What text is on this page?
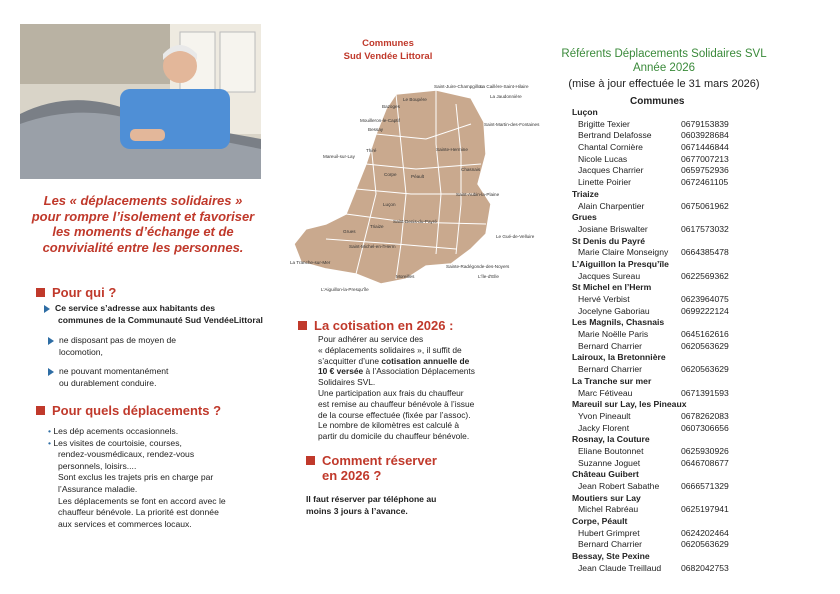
Les « déplacements solidaires » pour rompre l’isolement et favoriser les moments d’échange et de convivialité entre les personnes.
Pour qui ?
Ce service s’adresse aux habitants des
communes de la Communauté Sud VendéeLittoral
ne disposant pas de moyen de
locomotion,
ne pouvant momentanément
ou durablement conduire.
Pour quels déplacements ?
• Les dép acements occasionnels.
• Les visites de courtoisie, courses,
rendez-vousmédicaux, rendez-vous
personnels, loisirs....
Sont exclus les trajets pris en charge par
l’Assurance maladie.
Les déplacements se font en accord avec le
chauffeur bénévole. La priorité est donnée
aux services et commerces locaux.
Communes
Sud Vendée Littoral
Saint-Juire-Champgillon
La Caillère-Saint-Hilaire
Le Boupère
La Jaudonnière
Bazoges
Mouilleron-le-Captif
Bessay
Saint-Martin-des-Fontaines
Thiré	Sainte-Hermine
Mareuil-sur-Lay
Chasnais
Corpe	Péault
Luçon
Saint-Aubin-la-Plaine
Triaize
La Tranche-sur-Mer
Grues
Saint-Michel-en-l'Herm
L'Aiguillon-la-Presqu'île
Le Gué-de-Velluire
Saint-Denis-du-Payré
Moreilles
Sainte-Radégonde-des-Noyers
L'Île-d'Elle
La cotisation en 2026 :
Pour adhérer au service des
« déplacements solidaires », il suffit de
s’acquitter d’une cotisation annuelle de
10 € versée à l’Association Déplacements
Solidaires SVL.
Une participation aux frais du chauffeur
est remise au chauffeur bénévole à l’issue
de la course effectuée (fixée par l’assoc).
Le nombre de kilomètres est calculé à
partir du domicile du chauffeur bénévole.
Comment réserver
en 2026 ?
Il faut réserver par téléphone au
moins 3 jours à l’avance.
Référents Déplacements Solidaires SVL
Année 2026
(mise à jour effectuée le 31 mars 2026)
Communes
Luçon
Brigitte Texier	0679153839
Bertrand Delafosse	0603928684
Chantal Cornière	0671446844
Nicole Lucas	0677007213
Jacques Charrier	0659752936
Linette Poirier	0672461105
Triaize
Alain Charpentier	0675061962
Grues
Josiane Briswalter	0617573032
St Denis du Payré
Marie Claire Monseigny 0664385478
L’Aiguillon la Presqu’île
Jacques Sureau	0622569362
St Michel en l’Herm
Hervé Verbist	0623964075
Jocelyne Gaboriau	0699222124
Les Magnils, Chasnais
Marie Noëlle Paris	0645162616
Bernard Charrier	0620563629
Lairoux, la Bretonnière
Bernard Charrier	0620563629
La Tranche sur mer
Marc Fétiveau	0671391593
Mareuil sur Lay, les Pineaux
Yvon Pineault	0678262083
Jacky Florent	0607306656
Rosnay, la Couture
Eliane Boutonnet	0625930926
Suzanne Joguet	0646708677
Château Guibert
Jean Robert Sabathe	0666571329
Moutiers sur Lay
Michel Rabréau	0625197941
Corpe, Péault
Hubert Grimpret	0624202464
Bernard Charrier	0620563629
Bessay, Ste Pexine
Jean Claude Treillaud 0682042753
